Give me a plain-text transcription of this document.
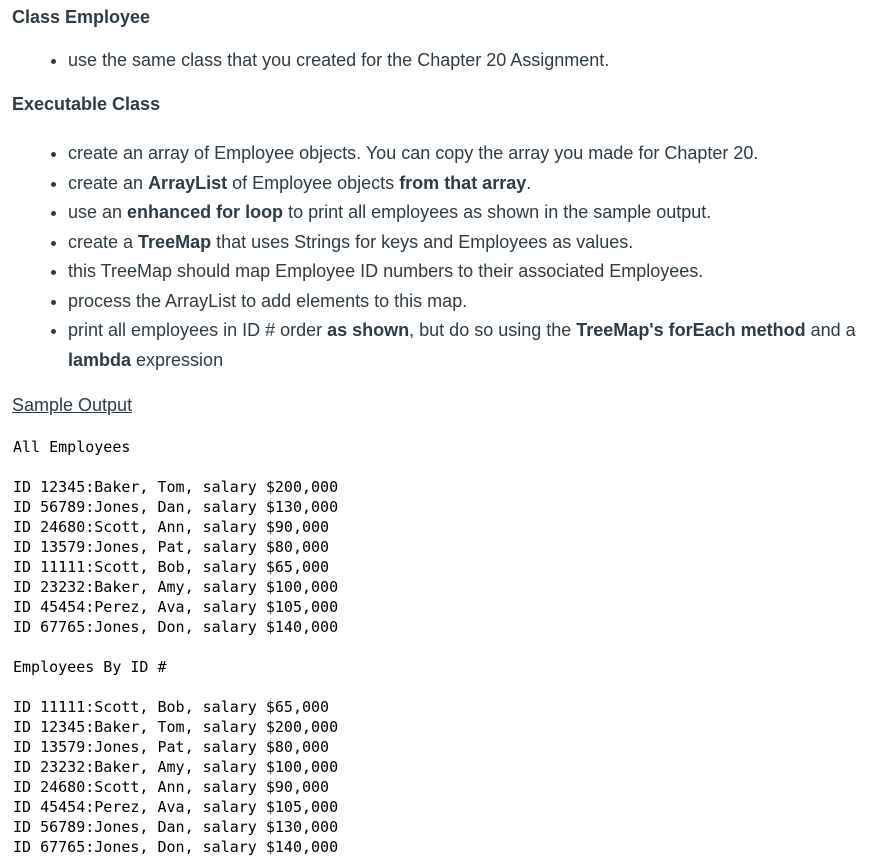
Class Employee
• use the same class that you created for the Chapter 20 Assignment.
Executable Class
• create an array of Employee objects. You can copy the array you made for Chapter 20.
• create an ArrayList of Employee objects from that array.
• use an enhanced for loop to print all employees as shown in the sample output.
• create a TreeMap that uses Strings for keys and Employees as values.
• this TreeMap should map Employee ID numbers to their associated Employees.
• process the ArrayList to add elements to this map.
• print all employees in ID # order as shown, but do so using the TreeMap's forEach method and a lambda expression
Sample Output
All Employees
ID 12345:Baker, Tom, salary $200,000
ID 56789:Jones, Dan, salary $130,000
ID 24680:Scott, Ann, salary $90,000
ID 13579:Jones, Pat, salary $80,000
ID 11111:Scott, Bob, salary $65,000
ID 23232:Baker, Amy, salary $100,000
ID 45454:Perez, Ava, salary $105,000
ID 67765:Jones, Don, salary $140,000
Employees By ID #
ID 11111:Scott, Bob, salary $65,000
ID 12345:Baker, Tom, salary $200,000
ID 13579:Jones, Pat, salary $80,000
ID 23232:Baker, Amy, salary $100,000
ID 24680:Scott, Ann, salary $90,000
ID 45454:Perez, Ava, salary $105,000
ID 56789:Jones, Dan, salary $130,000
ID 67765:Jones, Don, salary $140,000
